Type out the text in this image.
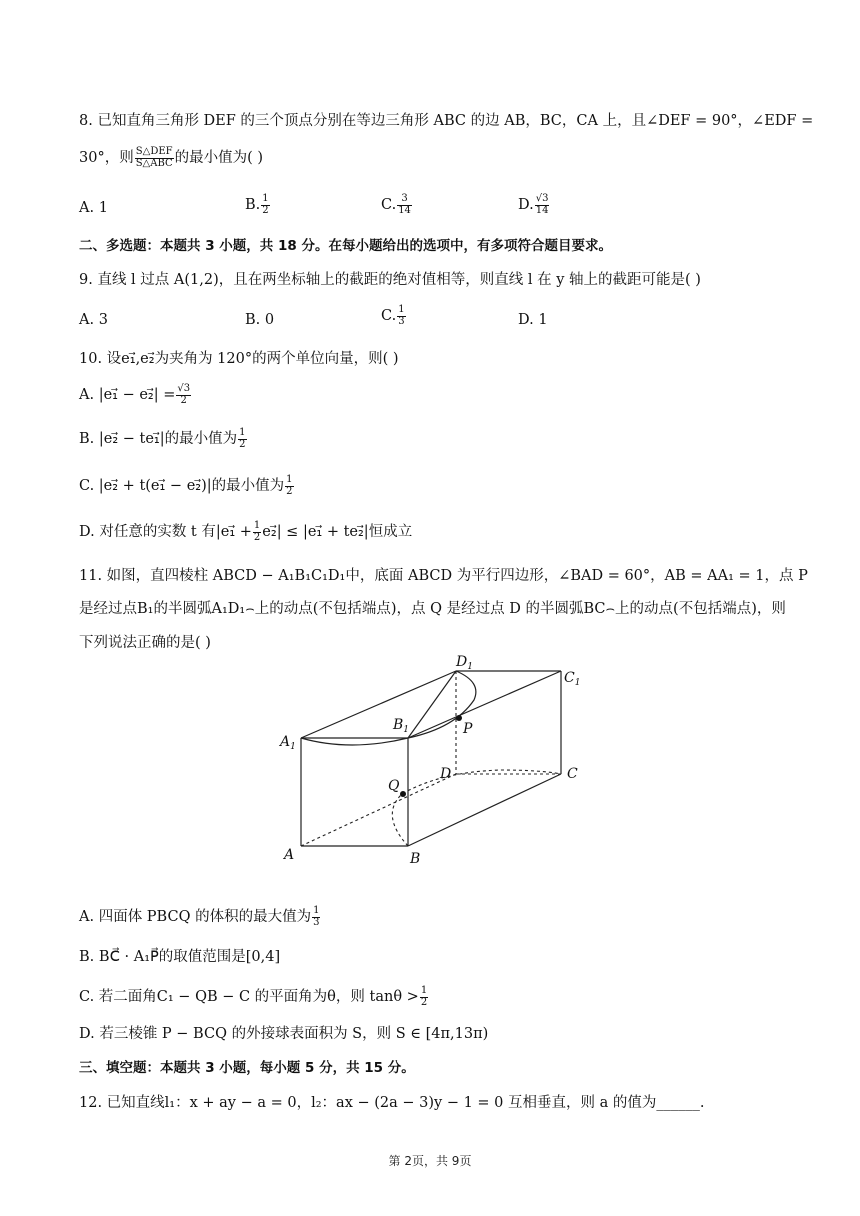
8. 已知直角三角形 DEF 的三个顶点分别在等边三角形 ABC 的边 AB，BC，CA 上，且∠DEF = 90°，∠EDF =
30°，则 $\frac{\text{S△DEF}}{\text{S△ABC}}$ 的最小值为( )
A. 1	B. $\frac{1}{2}$	C. $\frac{3}{14}$	D. $\frac{√3}{14}$
二、多选题：本题共 3 小题，共 18 分。在每小题给出的选项中，有多项符合题目要求。
9. 直线 l 过点 A(1,2)，且在两坐标轴上的截距的绝对值相等，则直线 l 在 y 轴上的截距可能是( )
A. 3	B. 0	C. $\frac{1}{3}$	D. 1
10. 设e₁⃗,e₂⃗为夹角为 120°的两个单位向量，则( )
A. |e₁⃗ − e₂⃗| = $\frac{√3}{2}$
B. |e₂⃗ − te₁⃗|的最小值为 $\frac{1}{2}$
C. |e₂⃗ + t(e₁⃗ − e₂⃗)|的最小值为 $\frac{1}{2}$
D. 对任意的实数 t 有|e₁⃗ + $\frac{1}{2}$ e₂⃗| ≤ |e₁⃗ + te₂⃗|恒成立
11. 如图，直四棱柱 ABCD − A₁B₁C₁D₁中，底面 ABCD 为平行四边形，∠BAD = 60°，AB = AA₁ = 1，点 P
是经过点B₁的半圆弧A₁D₁⌢上的动点(不包括端点)，点 Q 是经过点 D 的半圆弧BC⌢上的动点(不包括端点)，则
下列说法正确的是( )
$A_1$
$B_1$
$C_1$
$D_1$
P
Q
A	B
C
D
A. 四面体 PBCQ 的体积的最大值为 $\frac{1}{3}$
B. BC⃗ · A₁P⃗的取值范围是[0,4]
C. 若二面角C₁ − QB − C 的平面角为θ，则 $\tan\theta > \frac{1}{2}$
D. 若三棱锥 P − BCQ 的外接球表面积为 S，则 S ∈ [4π,13π)
三、填空题：本题共 3 小题，每小题 5 分，共 15 分。
12. 已知直线l₁：x + ay − a = 0，l₂：ax − (2a − 3)y − 1 = 0 互相垂直，则 a 的值为______.
第 2页，共 9页
